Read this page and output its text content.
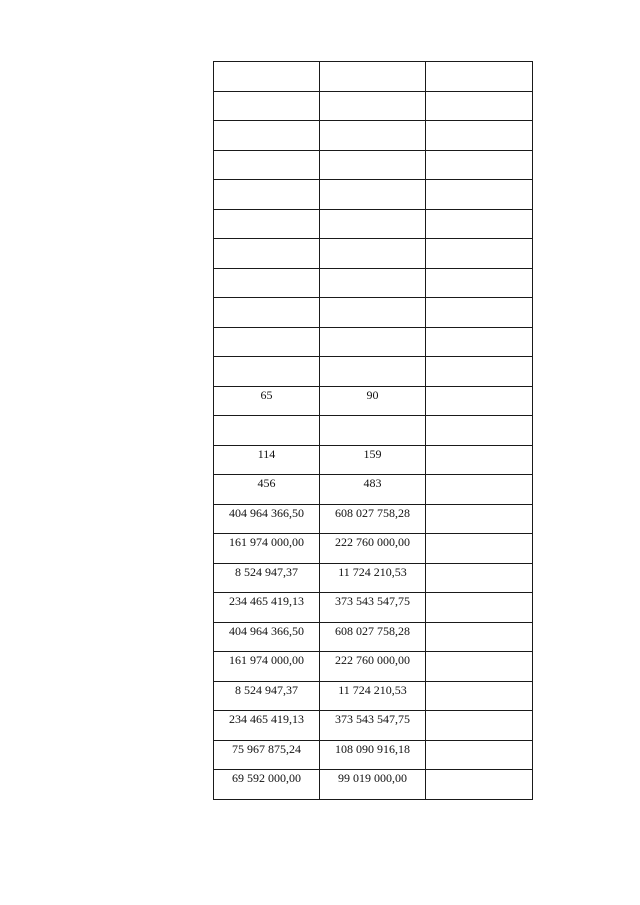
65	90	

114	159	

456	483	

404 964 366,50	608 027 758,28	

161 974 000,00	222 760 000,00	

8 524 947,37	11 724 210,53	

234 465 419,13	373 543 547,75	

404 964 366,50	608 027 758,28	

161 974 000,00	222 760 000,00	

8 524 947,37	11 724 210,53	

234 465 419,13	373 543 547,75	

75 967 875,24	108 090 916,18	

69 592 000,00	99 019 000,00	
